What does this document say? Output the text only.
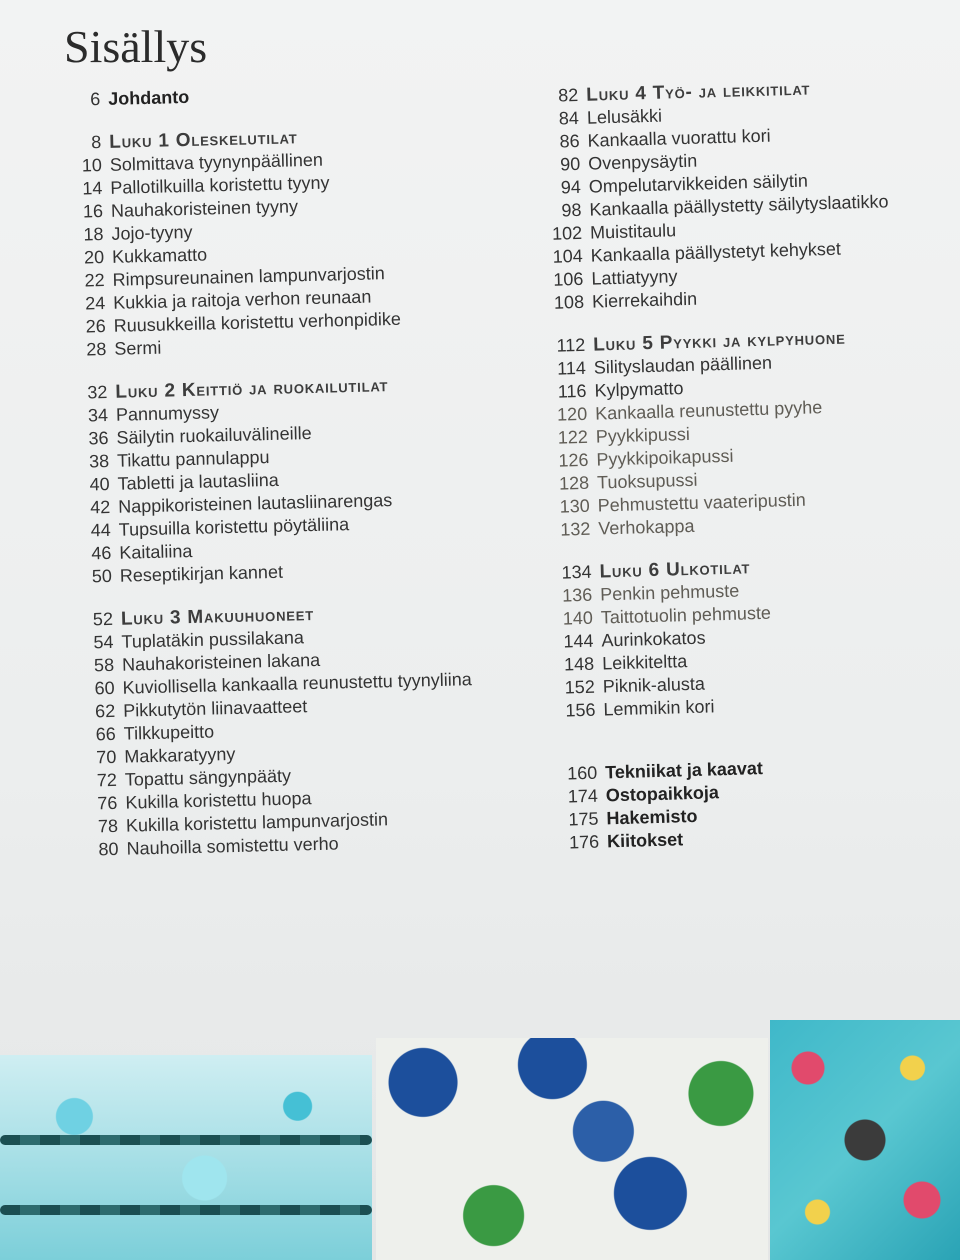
Sisällys
6 Johdanto
8 Luku 1 Oleskelutilat
10 Solmittava tyynynpäällinen
14 Pallotilkuilla koristettu tyyny
16 Nauhakoristeinen tyyny
18 Jojo-tyyny
20 Kukkamatto
22 Rimpsureunainen lampunvarjostin
24 Kukkia ja raitoja verhon reunaan
26 Ruusukkeilla koristettu verhonpidike
28 Sermi
32 Luku 2 Keittiö ja ruokailutilat
34 Pannumyssy
36 Säilytin ruokailuvälineille
38 Tikattu pannulappu
40 Tabletti ja lautasliina
42 Nappikoristeinen lautasliinarengas
44 Tupsuilla koristettu pöytäliina
46 Kaitaliina
50 Reseptikirjan kannet
52 Luku 3 Makuuhuoneet
54 Tuplatäkin pussilakana
58 Nauhakoristeinen lakana
60 Kuviollisella kankaalla reunustettu tyynyliina
62 Pikkutytön liinavaatteet
66 Tilkkupeitto
70 Makkaratyyny
72 Topattu sängynpääty
76 Kukilla koristettu huopa
78 Kukilla koristettu lampunvarjostin
80 Nauhoilla somistettu verho
82 Luku 4 Työ- ja leikkitilat
84 Lelusäkki
86 Kankaalla vuorattu kori
90 Ovenpysäytin
94 Ompelutarvikkeiden säilytin
98 Kankaalla päällystetty säilytyslaatikko
102 Muistitaulu
104 Kankaalla päällystetyt kehykset
106 Lattiatyyny
108 Kierrekaihdin
112 Luku 5 Pyykki ja kylpyhuone
114 Silityslaudan päällinen
116 Kylpymatto
120 Kankaalla reunustettu pyyhe
122 Pyykkipussi
126 Pyykkipoikapussi
128 Tuoksupussi
130 Pehmustettu vaateripustin
132 Verhokappa
134 Luku 6 Ulkotilat
136 Penkin pehmuste
140 Taittotuolin pehmuste
144 Aurinkokatos
148 Leikkiteltta
152 Piknik-alusta
156 Lemmikin kori
160 Tekniikat ja kaavat
174 Ostopaikkoja
175 Hakemisto
176 Kiitokset
